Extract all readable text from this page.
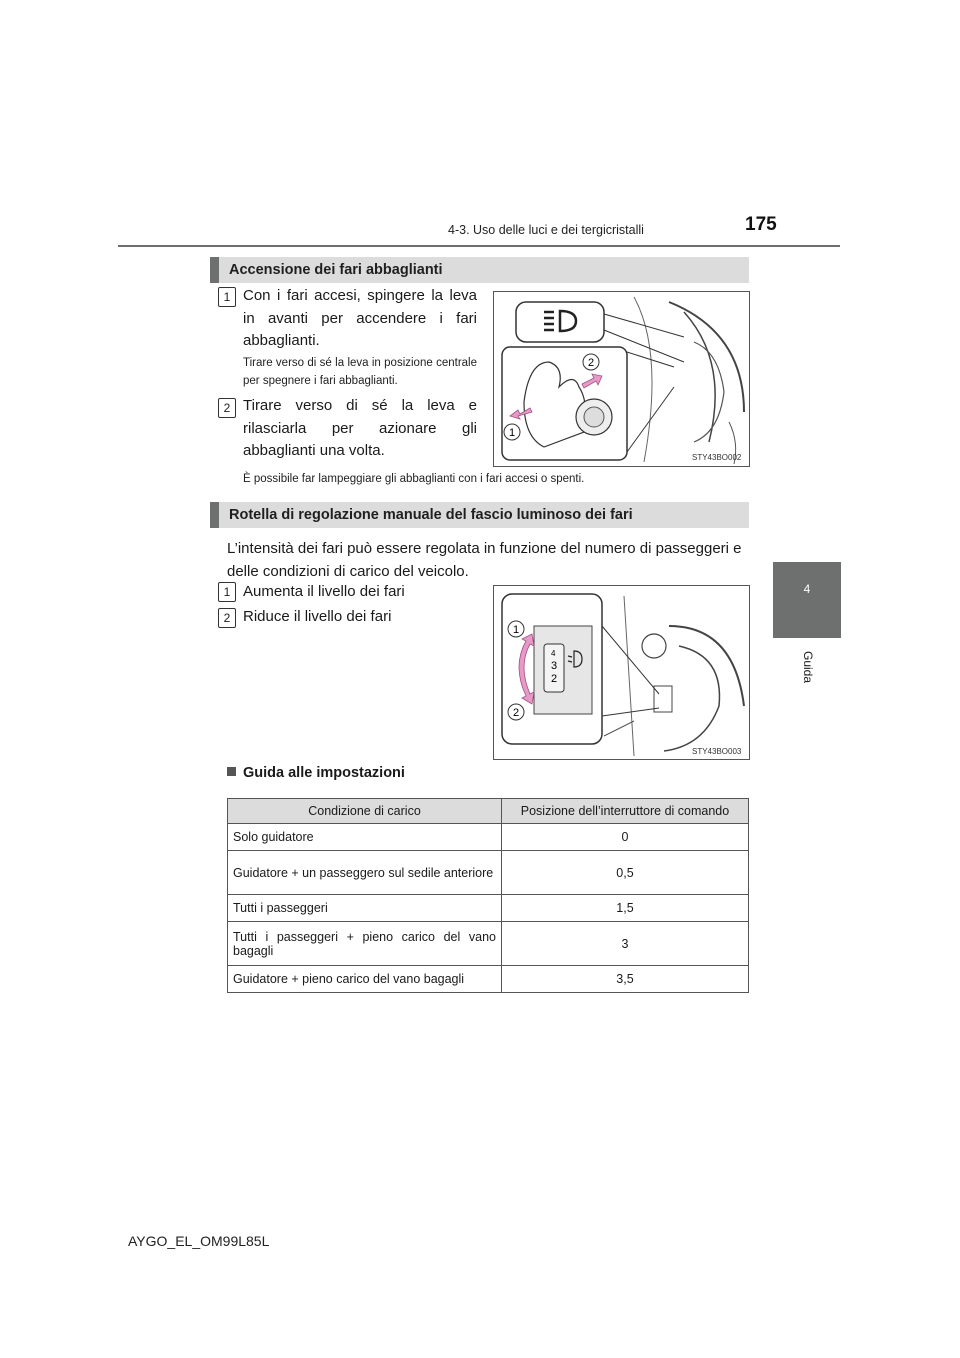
4-3. Uso delle luci e dei tergicristalli	175
4
Guida
Accensione dei fari abbaglianti
1 Con i fari accesi, spingere la leva in avanti per accendere i fari abbaglianti.
Tirare verso di sé la leva in posizione centrale per spegnere i fari abbaglianti.
2 Tirare verso di sé la leva e rilasciarla per azionare gli abbaglianti una volta.
È possibile far lampeggiare gli abbaglianti con i fari accesi o spenti.
2
1
STY43BO002
Rotella di regolazione manuale del fascio luminoso dei fari
L’intensità dei fari può essere regolata in funzione del numero di passeggeri e delle condizioni di carico del veicolo.
1 Aumenta il livello dei fari
2 Riduce il livello dei fari
4
3
2
1
2
STY43BO003
Guida alle impostazioni
Condizione di carico	Posizione dell’interruttore di comando
Solo guidatore	0
Guidatore + un passeggero sul sedile anteriore	0,5
Tutti i passeggeri	1,5
Tutti i passeggeri + pieno carico del vano bagagli	3
Guidatore + pieno carico del vano bagagli	3,5
AYGO_EL_OM99L85L
